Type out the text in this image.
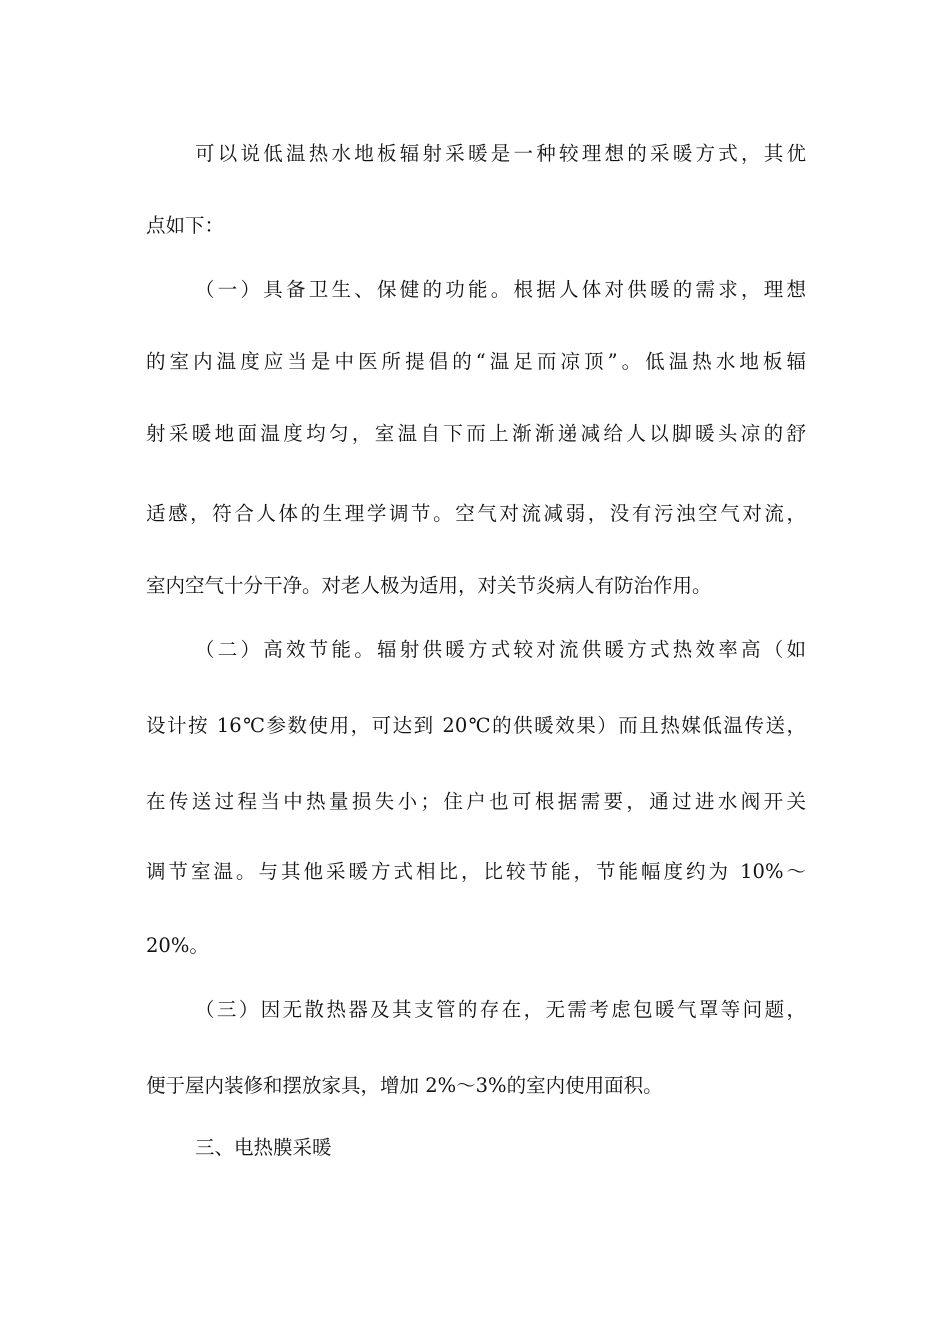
可以说低温热水地板辐射采暖是一种较理想的采暖方式，其优
点如下：
（一）具备卫生、保健的功能。根据人体对供暖的需求，理想
的室内温度应当是中医所提倡的“温足而凉顶”。低温热水地板辐
射采暖地面温度均匀，室温自下而上渐渐递减给人以脚暖头凉的舒
适感，符合人体的生理学调节。空气对流减弱，没有污浊空气对流，
室内空气十分干净。对老人极为适用，对关节炎病人有防治作用。
（二）高效节能。辐射供暖方式较对流供暖方式热效率高（如
设计按 16℃参数使用，可达到 20℃的供暖效果）而且热媒低温传送，
在传送过程当中热量损失小；住户也可根据需要，通过进水阀开关
调节室温。与其他采暖方式相比，比较节能，节能幅度约为 10%～
20%。
（三）因无散热器及其支管的存在，无需考虑包暖气罩等问题，
便于屋内装修和摆放家具，增加 2%～3%的室内使用面积。
三、电热膜采暖
